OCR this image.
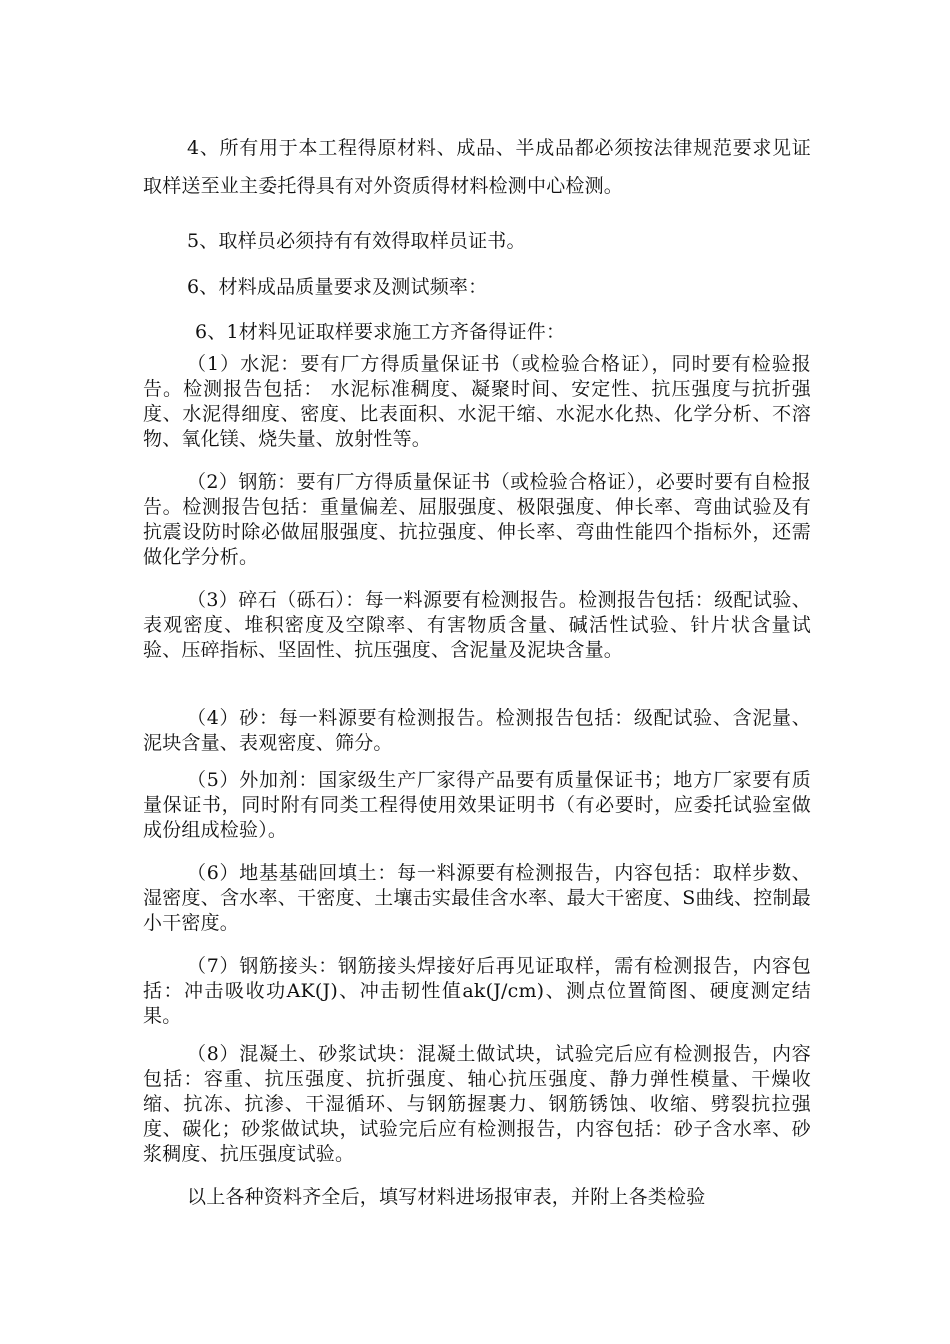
4、所有用于本工程得原材料、成品、半成品都必须按法律规范要求见证取样送至业主委托得具有对外资质得材料检测中心检测。

5、取样员必须持有有效得取样员证书。

6、材料成品质量要求及测试频率：

6、1材料见证取样要求施工方齐备得证件：

（1）水泥：要有厂方得质量保证书（或检验合格证），同时要有检验报告。检测报告包括： 水泥标准稠度、凝聚时间、安定性、抗压强度与抗折强度、水泥得细度、密度、比表面积、水泥干缩、水泥水化热、化学分析、不溶物、氧化镁、烧失量、放射性等。

（2）钢筋：要有厂方得质量保证书（或检验合格证），必要时要有自检报告。检测报告包括：重量偏差、屈服强度、极限强度、伸长率、弯曲试验及有抗震设防时除必做屈服强度、抗拉强度、伸长率、弯曲性能四个指标外，还需做化学分析。

（3）碎石（砾石）：每一料源要有检测报告。检测报告包括：级配试验、表观密度、堆积密度及空隙率、有害物质含量、碱活性试验、针片状含量试验、压碎指标、坚固性、抗压强度、含泥量及泥块含量。

（4）砂：每一料源要有检测报告。检测报告包括：级配试验、含泥量、泥块含量、表观密度、筛分。

（5）外加剂：国家级生产厂家得产品要有质量保证书；地方厂家要有质量保证书，同时附有同类工程得使用效果证明书（有必要时，应委托试验室做成份组成检验）。

（6）地基基础回填土：每一料源要有检测报告，内容包括：取样步数、湿密度、含水率、干密度、土壤击实最佳含水率、最大干密度、S曲线、控制最小干密度。

（7）钢筋接头：钢筋接头焊接好后再见证取样，需有检测报告，内容包括：冲击吸收功AK(J)、冲击韧性值ak(J/cm)、测点位置简图、硬度测定结果。

（8）混凝土、砂浆试块：混凝土做试块，试验完后应有检测报告，内容包括：容重、抗压强度、抗折强度、轴心抗压强度、静力弹性模量、干燥收缩、抗冻、抗渗、干湿循环、与钢筋握裹力、钢筋锈蚀、收缩、劈裂抗拉强度、碳化；砂浆做试块，试验完后应有检测报告，内容包括：砂子含水率、砂浆稠度、抗压强度试验。

以上各种资料齐全后，填写材料进场报审表，并附上各类检验
